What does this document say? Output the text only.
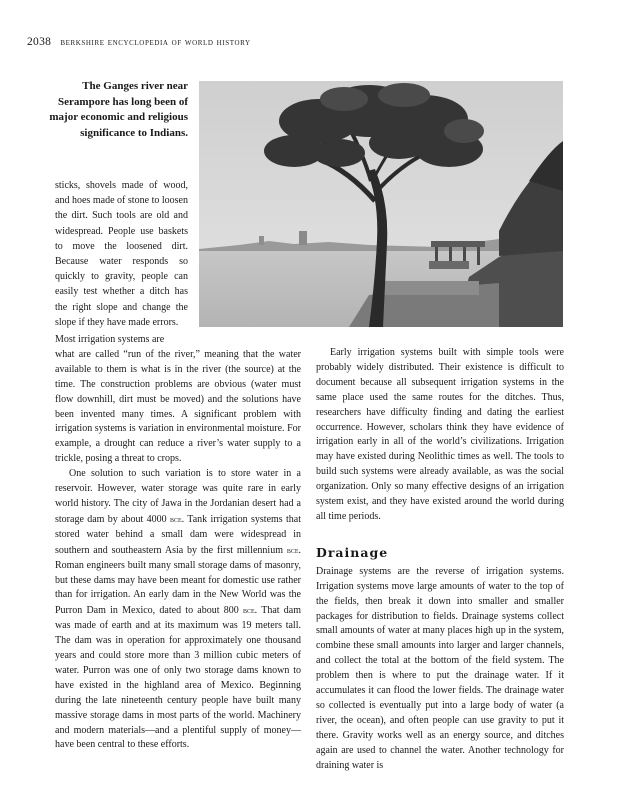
2038 berkshire encyclopedia of world history
The Ganges river near Serampore has long been of major economic and religious significance to Indians.

sticks, shovels made of wood, and hoes made of stone to loosen the dirt. Such tools are old and widespread. People use baskets to move the loosened dirt. Because water responds so quickly to gravity, people can easily test whether a ditch has the right slope and change the slope if they have made errors.

Most irrigation systems are
what are called “run of the river,” meaning that the water available to them is what is in the river (the source) at the time. The construction problems are obvious (water must flow downhill, dirt must be moved) and the solutions have been invented many times. A significant problem with irrigation systems is variation in environmental moisture. For example, a drought can reduce a river’s water supply to a trickle, posing a threat to crops.

One solution to such variation is to store water in a reservoir. However, water storage was quite rare in early world history. The city of Jawa in the Jordanian desert had a storage dam by about 4000 bce. Tank irrigation systems that stored water behind a small dam were widespread in southern and southeastern Asia by the first millennium bce. Roman engineers built many small storage dams of masonry, but these dams may have been meant for domestic use rather than for irrigation. An early dam in the New World was the Purron Dam in Mexico, dated to about 800 bce. That dam was made of earth and at its maximum was 19 meters tall. The dam was in operation for approximately one thousand years and could store more than 3 million cubic meters of water. Purron was one of only two storage dams known to have existed in the highland area of Mexico. Beginning during the late nineteenth century people have built many massive storage dams in most parts of the world. Machinery and modern materials—and a plentiful supply of money—have been central to these efforts.

Early irrigation systems built with simple tools were probably widely distributed. Their existence is difficult to document because all subsequent irrigation systems in the same place used the same routes for the ditches. Thus, researchers have difficulty finding and dating the earliest occurrence. However, scholars think they have evidence of irrigation early in all of the world’s civilizations. Irrigation may have existed during Neolithic times as well. The tools to build such systems were already available, as was the social organization. Only so many effective designs of an irrigation system exist, and they have existed around the world during all time periods.

Drainage

Drainage systems are the reverse of irrigation systems. Irrigation systems move large amounts of water to the top of the fields, then break it down into smaller and smaller packages for distribution to fields. Drainage systems collect small amounts of water at many places high up in the system, combine these small amounts into larger and larger channels, and collect the total at the bottom of the field system. The problem then is where to put the drainage water. If it accumulates it can flood the lower fields. The drainage water so collected is eventually put into a large body of water (a river, the ocean), and often people can use gravity to put it there. Gravity works well as an energy source, and ditches again are used to channel the water. Another technology for draining water is
